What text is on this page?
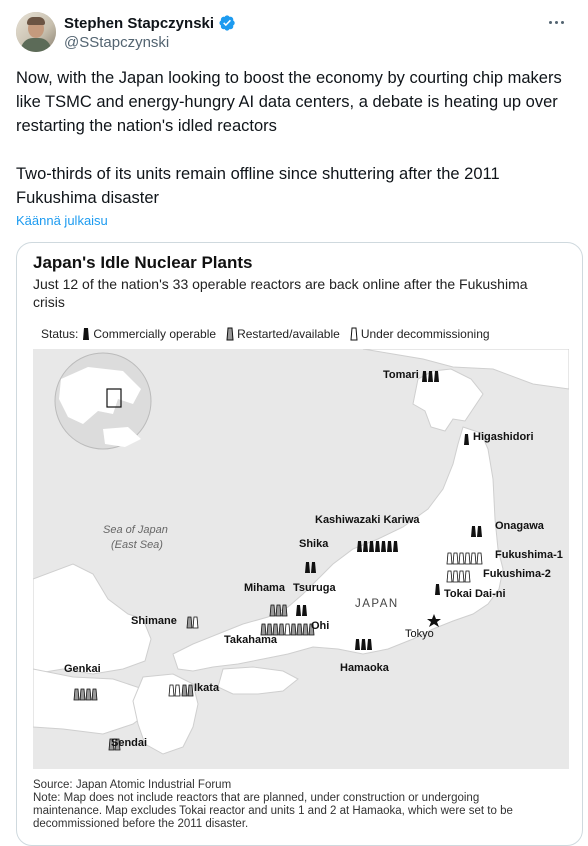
Stephen Stapczynski
@SStapczynski

Now, with the Japan looking to boost the economy by courting chip makers like TSMC and energy-hungry AI data centers, a debate is heating up over restarting the nation's idled reactors

Two-thirds of its units remain offline since shuttering after the 2011 Fukushima disaster

Käännä julkaisu
Japan's Idle Nuclear Plants
Just 12 of the nation's 33 operable reactors are back online after the Fukushima crisis
Status: Commercially operable Restarted/available Under decommissioning
Tomari
Higashidori
Onagawa
Kashiwazaki Kariwa
Shika
Fukushima-1
Fukushima-2
Tokai Dai-ni
Mihama Tsuruga
Ohi
Takahama
Shimane
Hamaoka
Genkai
Ikata
Sendai
Tokyo
JAPAN
Sea of Japan
(East Sea)
Source: Japan Atomic Industrial Forum
Note: Map does not include reactors that are planned, under construction or undergoing maintenance. Map excludes Tokai reactor and units 1 and 2 at Hamaoka, which were set to be decommissioned before the 2011 disaster.
